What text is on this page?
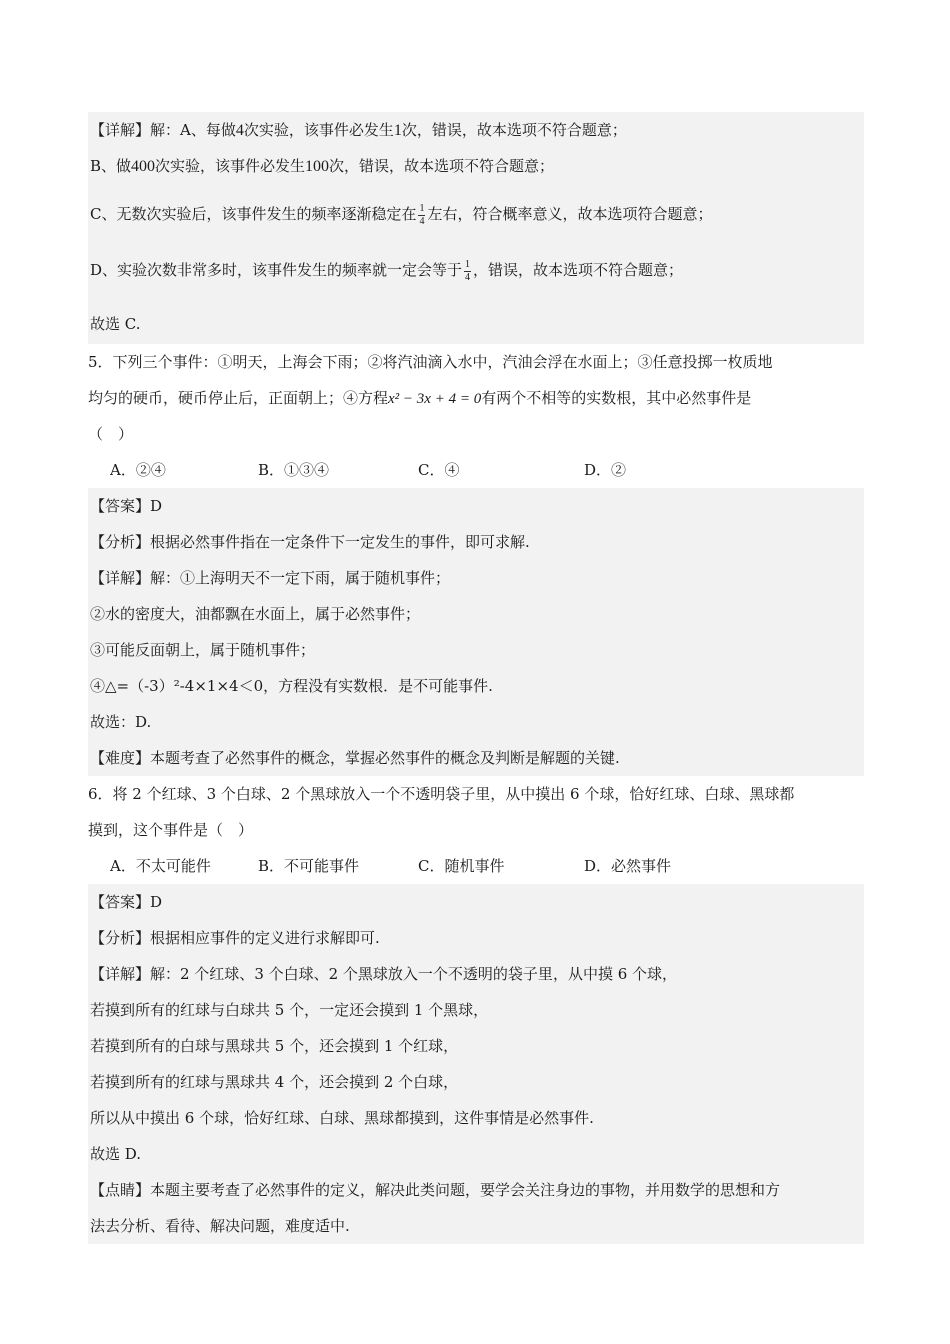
【详解】解：A、每做4次实验，该事件必发生1次，错误，故本选项不符合题意；
B、做400次实验，该事件必发生100次，错误，故本选项不符合题意；
C、无数次实验后，该事件发生的频率逐渐稳定在 $\frac{1}{4}$ 左右，符合概率意义，故本选项符合题意；
D、实验次数非常多时，该事件发生的频率就一定会等于 $\frac{1}{4}$ ，错误，故本选项不符合题意；
故选 C.
5．下列三个事件：①明天，上海会下雨；②将汽油滴入水中，汽油会浮在水面上；③任意投掷一枚质地
均匀的硬币，硬币停止后，正面朝上；④方程x² − 3x + 4 = 0有两个不相等的实数根，其中必然事件是
（　）
A．②④	B．①③④	C．④	D．②
【答案】D
【分析】根据必然事件指在一定条件下一定发生的事件，即可求解.
【详解】解：①上海明天不一定下雨，属于随机事件；
②水的密度大，油都飘在水面上，属于必然事件；
③可能反面朝上，属于随机事件；
④△=（-3）²-4×1×4＜0，方程没有实数根．是不可能事件.
故选：D.
【难度】本题考查了必然事件的概念，掌握必然事件的概念及判断是解题的关键.
6．将 2 个红球、3 个白球、2 个黑球放入一个不透明袋子里，从中摸出 6 个球，恰好红球、白球、黑球都
摸到，这个事件是（　）
A．不太可能件	B．不可能事件	C．随机事件	D．必然事件
【答案】D
【分析】根据相应事件的定义进行求解即可.
【详解】解：2 个红球、3 个白球、2 个黑球放入一个不透明的袋子里，从中摸 6 个球，
若摸到所有的红球与白球共 5 个，一定还会摸到 1 个黑球，
若摸到所有的白球与黑球共 5 个，还会摸到 1 个红球，
若摸到所有的红球与黑球共 4 个，还会摸到 2 个白球，
所以从中摸出 6 个球，恰好红球、白球、黑球都摸到，这件事情是必然事件.
故选 D.
【点睛】本题主要考查了必然事件的定义，解决此类问题，要学会关注身边的事物，并用数学的思想和方
法去分析、看待、解决问题，难度适中.
